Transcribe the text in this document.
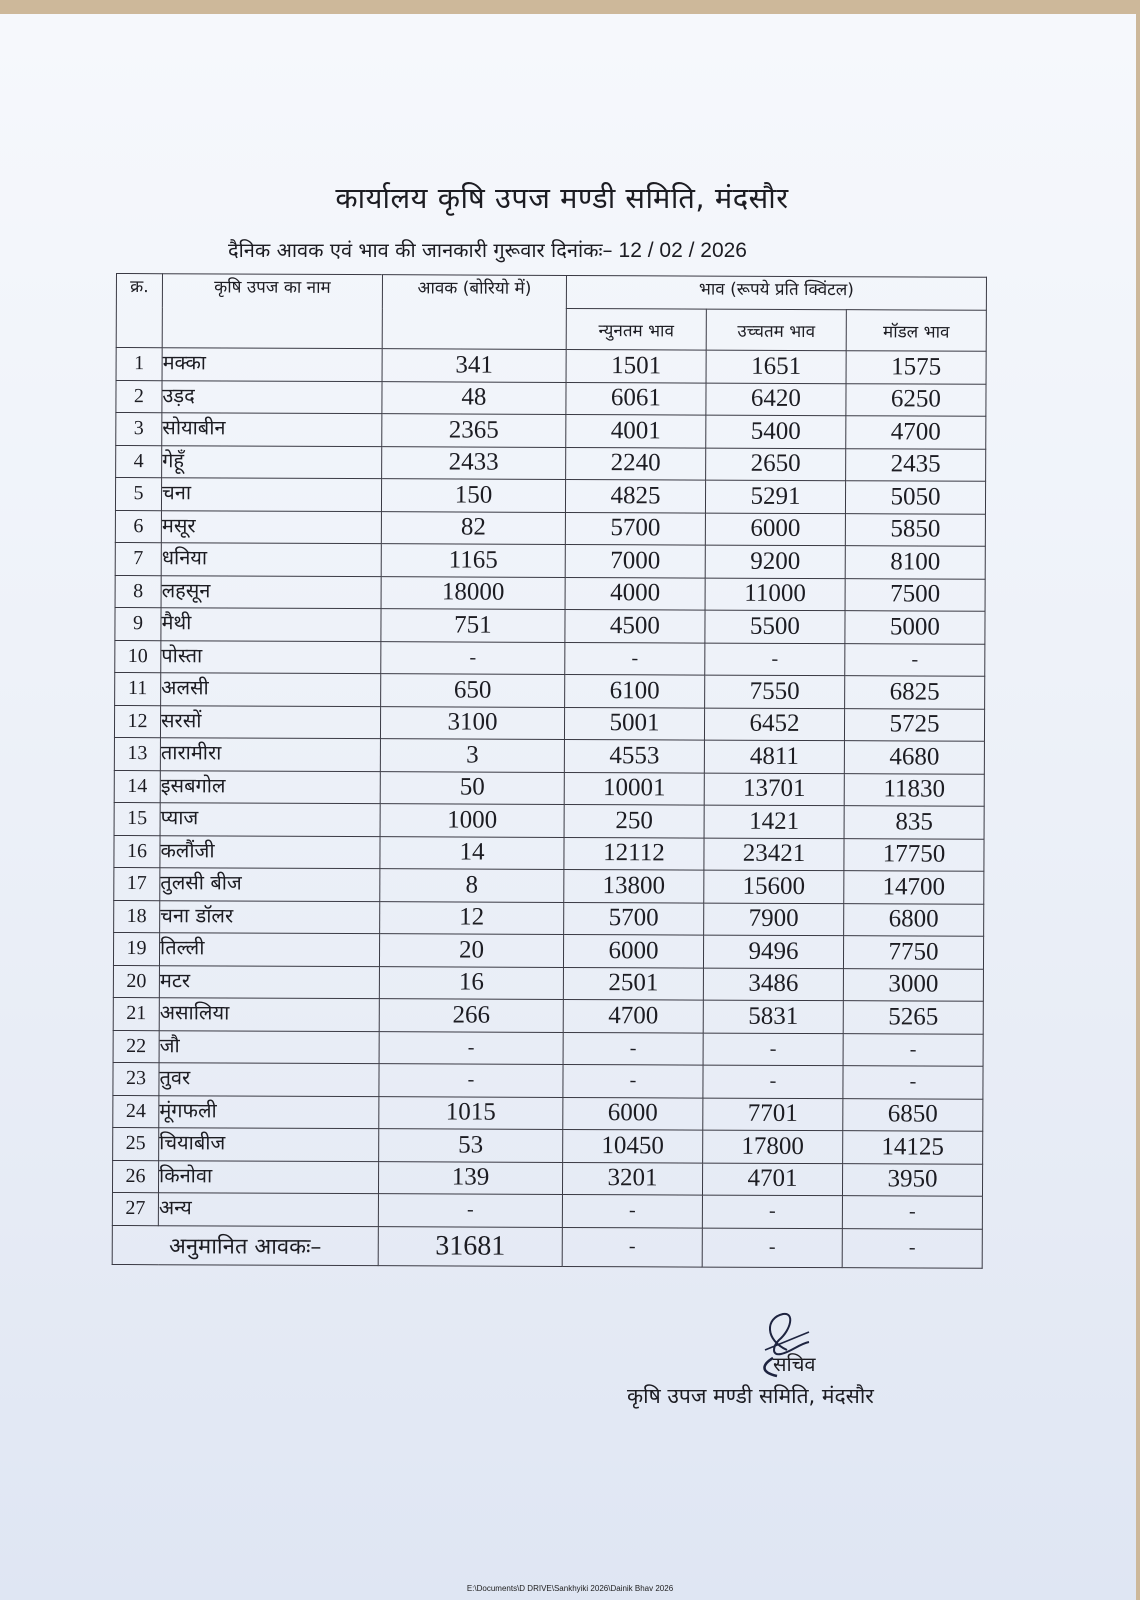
कार्यालय कृषि उपज मण्डी समिति, मंदसौर
दैनिक आवक एवं भाव की जानकारी गुरूवार दिनांकः– 12 / 02 / 2026
क्र.	कृषि उपज का नाम	आवक (बोरियो में)	भाव (रूपये प्रति क्विंटल)		
			न्युनतम भाव	उच्चतम भाव	मॉडल भाव
1	मक्का	341	1501	1651	1575
2	उड़द	48	6061	6420	6250
3	सोयाबीन	2365	4001	5400	4700
4	गेहूँ	2433	2240	2650	2435
5	चना	150	4825	5291	5050
6	मसूर	82	5700	6000	5850
7	धनिया	1165	7000	9200	8100
8	लहसून	18000	4000	11000	7500
9	मैथी	751	4500	5500	5000
10	पोस्ता	-	-	-	-
11	अलसी	650	6100	7550	6825
12	सरसों	3100	5001	6452	5725
13	तारामीरा	3	4553	4811	4680
14	इसबगोल	50	10001	13701	11830
15	प्याज	1000	250	1421	835
16	कलौंजी	14	12112	23421	17750
17	तुलसी बीज	8	13800	15600	14700
18	चना डॉलर	12	5700	7900	6800
19	तिल्ली	20	6000	9496	7750
20	मटर	16	2501	3486	3000
21	असालिया	266	4700	5831	5265
22	जौ	-	-	-	-
23	तुवर	-	-	-	-
24	मूंगफली	1015	6000	7701	6850
25	चियाबीज	53	10450	17800	14125
26	किनोवा	139	3201	4701	3950
27	अन्य	-	-	-	-
अनुमानित आवकः–		31681	-	-	-
सचिव
कृषि उपज मण्डी समिति, मंदसौर
E:\Documents\D DRIVE\Sankhyiki 2026\Dainik Bhav 2026
